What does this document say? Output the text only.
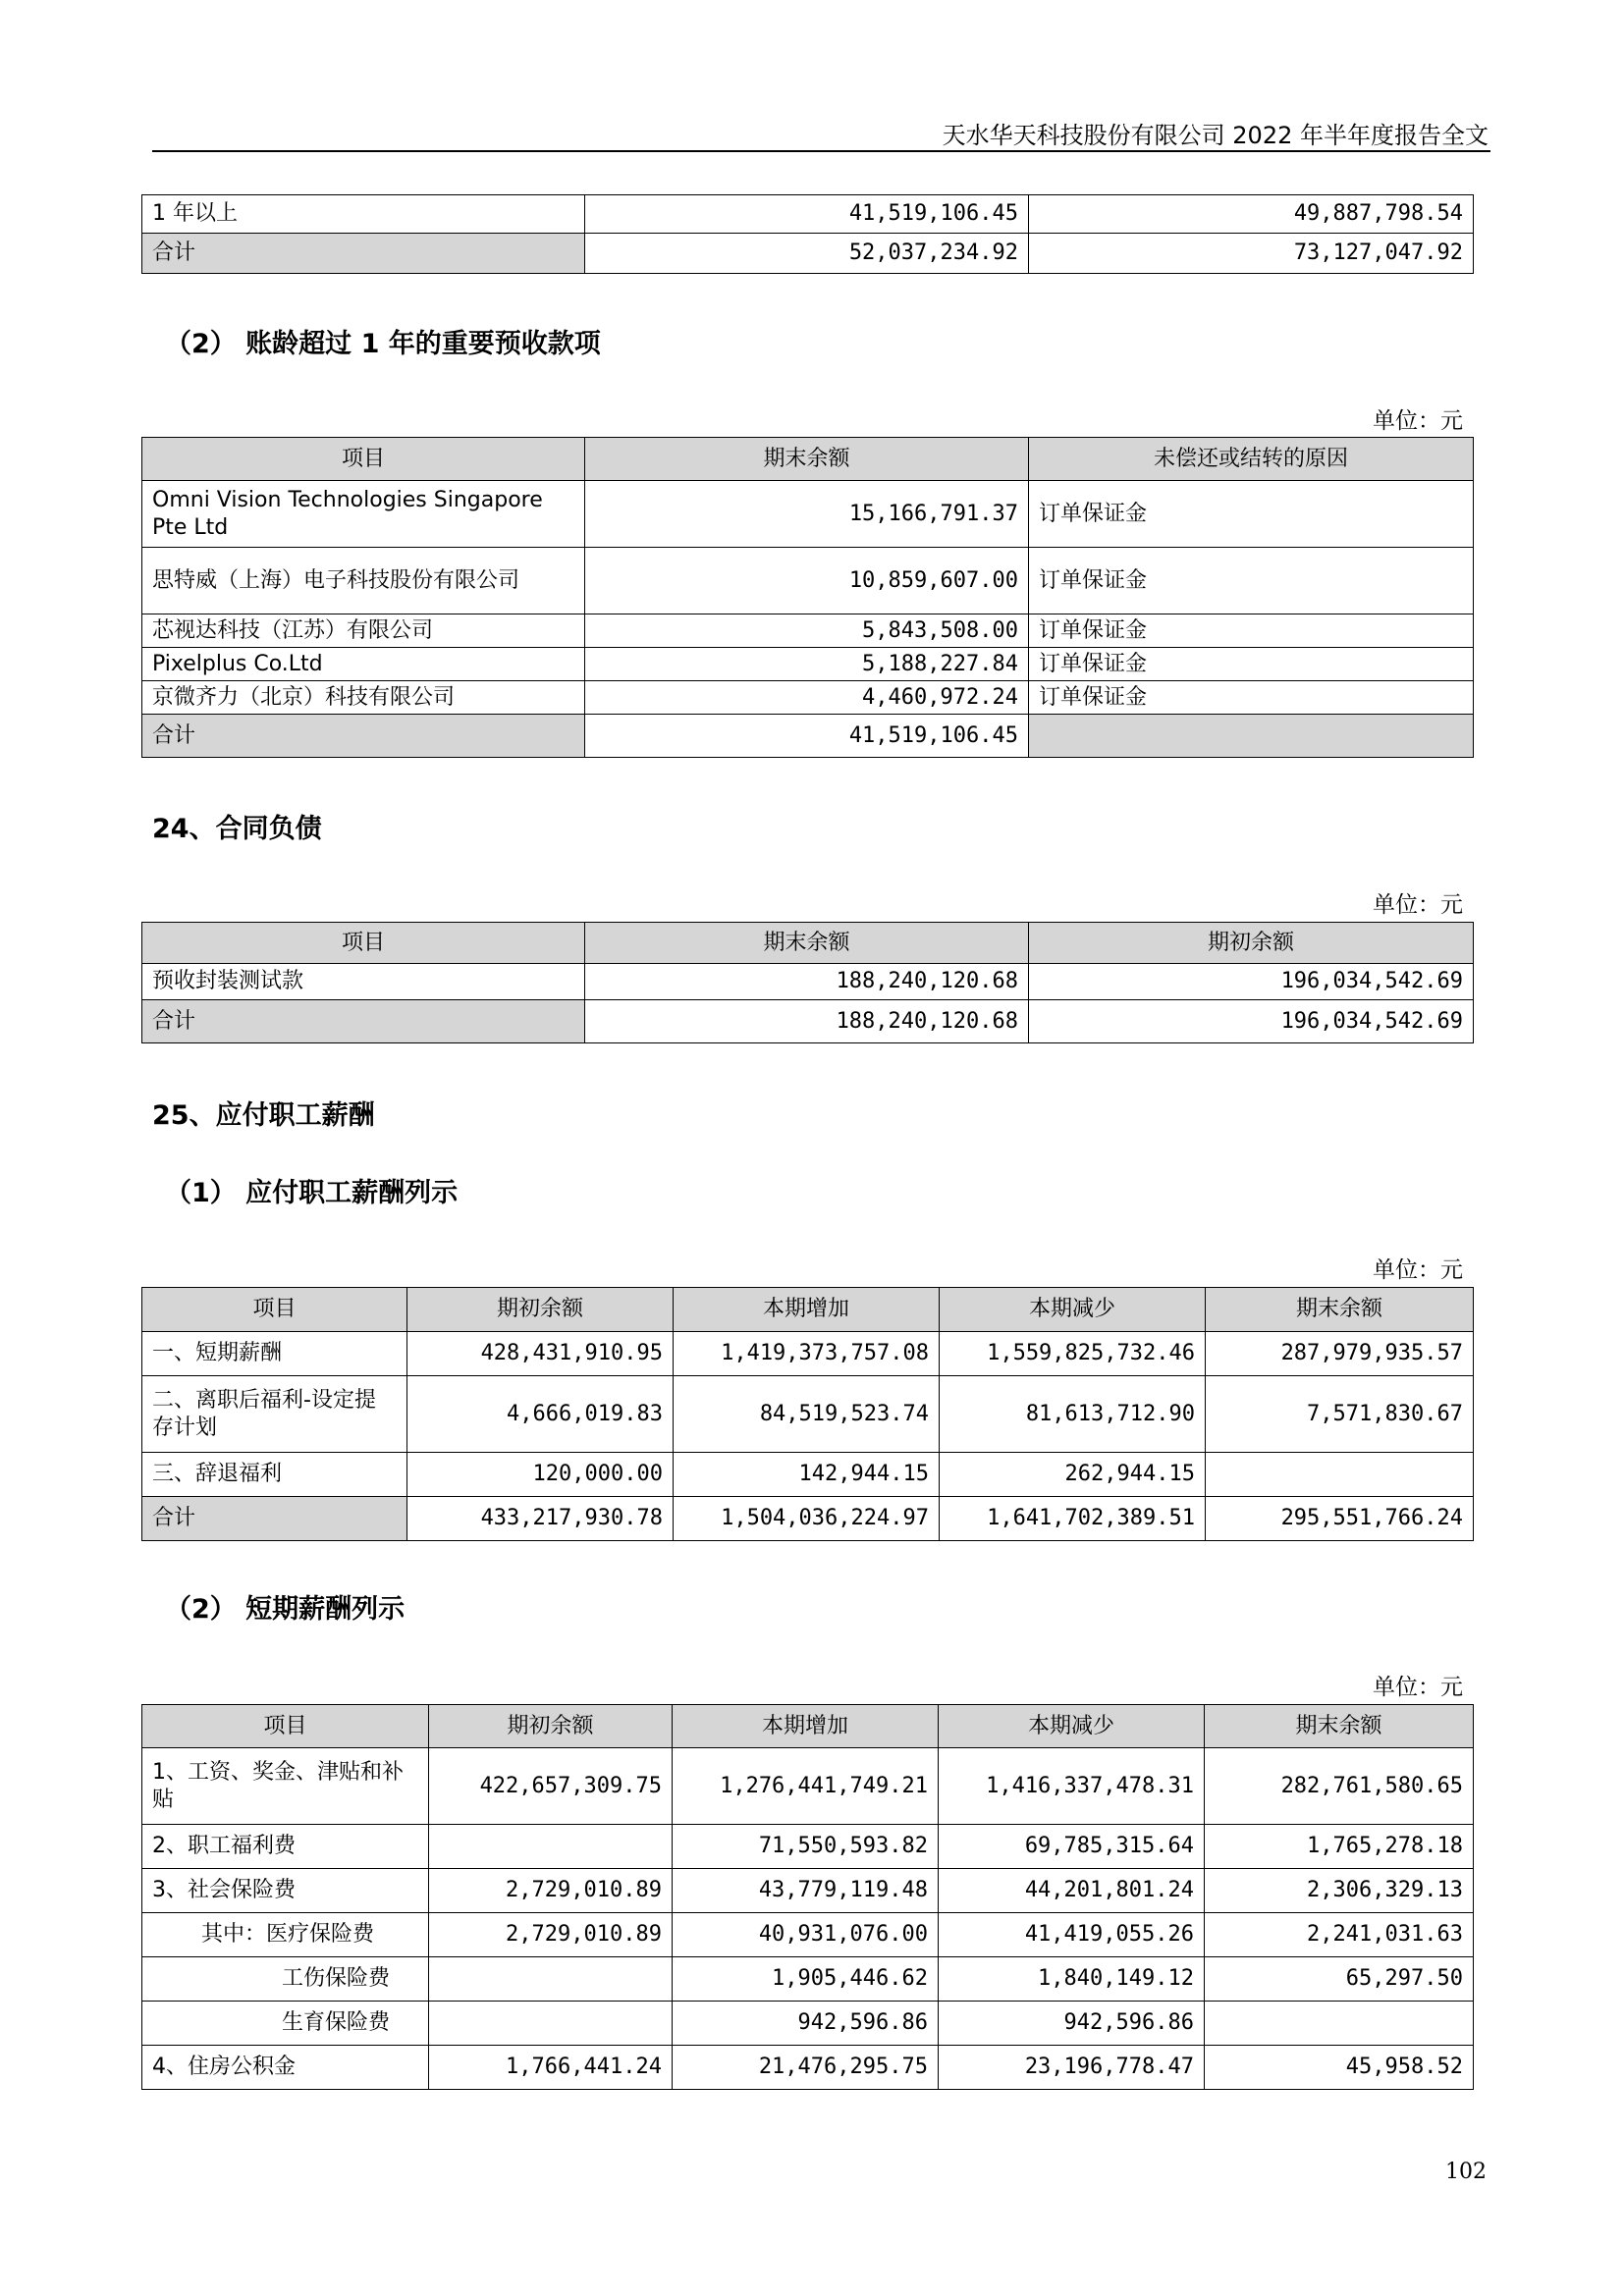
天水华天科技股份有限公司 2022 年半年度报告全文
1 年以上	41,519,106.45	49,887,798.54
合计	52,037,234.92	73,127,047.92
（2） 账龄超过 1 年的重要预收款项
单位：元
项目	期末余额	未偿还或结转的原因
Omni Vision Technologies Singapore Pte Ltd	15,166,791.37	订单保证金
思特威（上海）电子科技股份有限公司	10,859,607.00	订单保证金
芯视达科技（江苏）有限公司	5,843,508.00	订单保证金
Pixelplus Co.Ltd	5,188,227.84	订单保证金
京微齐力（北京）科技有限公司	4,460,972.24	订单保证金
合计	41,519,106.45	
24、合同负债
单位：元
项目	期末余额	期初余额
预收封装测试款	188,240,120.68	196,034,542.69
合计	188,240,120.68	196,034,542.69
25、应付职工薪酬
（1） 应付职工薪酬列示
单位：元
项目	期初余额	本期增加	本期减少	期末余额
一、短期薪酬	428,431,910.95	1,419,373,757.08	1,559,825,732.46	287,979,935.57
二、离职后福利-设定提存计划	4,666,019.83	84,519,523.74	81,613,712.90	7,571,830.67
三、辞退福利	120,000.00	142,944.15	262,944.15	
合计	433,217,930.78	1,504,036,224.97	1,641,702,389.51	295,551,766.24
（2） 短期薪酬列示
单位：元
项目	期初余额	本期增加	本期减少	期末余额
1、工资、奖金、津贴和补贴	422,657,309.75	1,276,441,749.21	1,416,337,478.31	282,761,580.65
2、职工福利费		71,550,593.82	69,785,315.64	1,765,278.18
3、社会保险费	2,729,010.89	43,779,119.48	44,201,801.24	2,306,329.13
其中：医疗保险费	2,729,010.89	40,931,076.00	41,419,055.26	2,241,031.63
工伤保险费		1,905,446.62	1,840,149.12	65,297.50
生育保险费		942,596.86	942,596.86	
4、住房公积金	1,766,441.24	21,476,295.75	23,196,778.47	45,958.52
102
